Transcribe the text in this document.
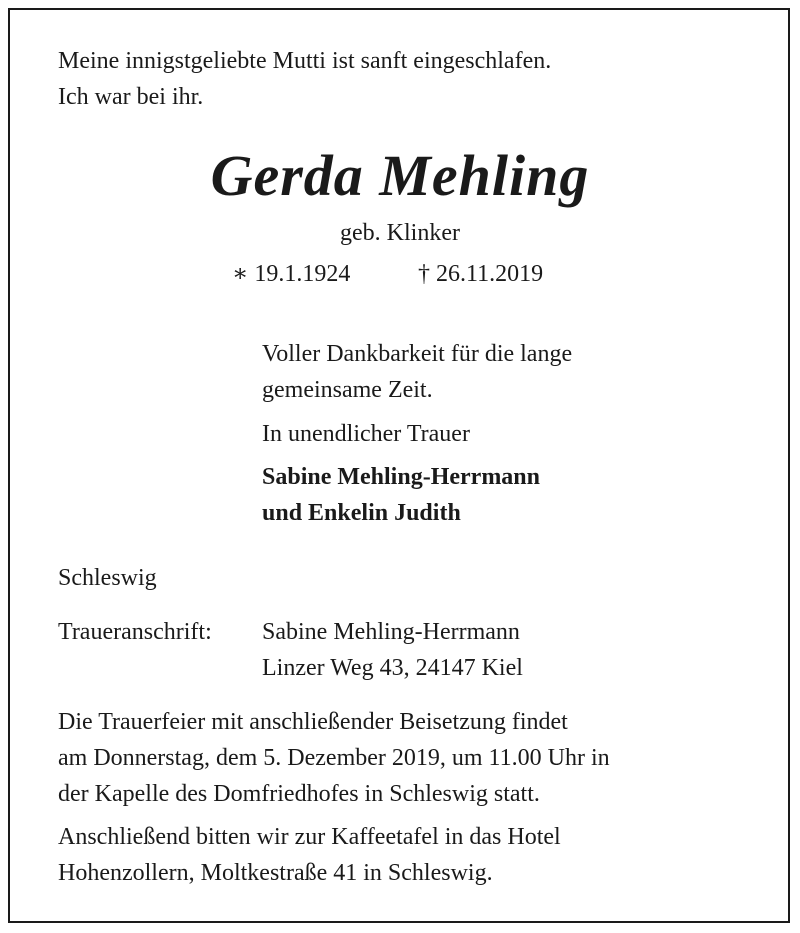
Meine innigstgeliebte Mutti ist sanft eingeschlafen.
Ich war bei ihr.
Gerda Mehling
geb. Klinker
∗ 19.1.1924	† 26.11.2019
Voller Dankbarkeit für die lange
gemeinsame Zeit.
In unendlicher Trauer
Sabine Mehling-Herrmann
und Enkelin Judith
Schleswig
Traueranschrift: Sabine Mehling-Herrmann
Linzer Weg 43, 24147 Kiel
Die Trauerfeier mit anschließender Beisetzung findet
am Donnerstag, dem 5. Dezember 2019, um 11.00 Uhr in
der Kapelle des Domfriedhofes in Schleswig statt.
Anschließend bitten wir zur Kaffeetafel in das Hotel
Hohenzollern, Moltkestraße 41 in Schleswig.
